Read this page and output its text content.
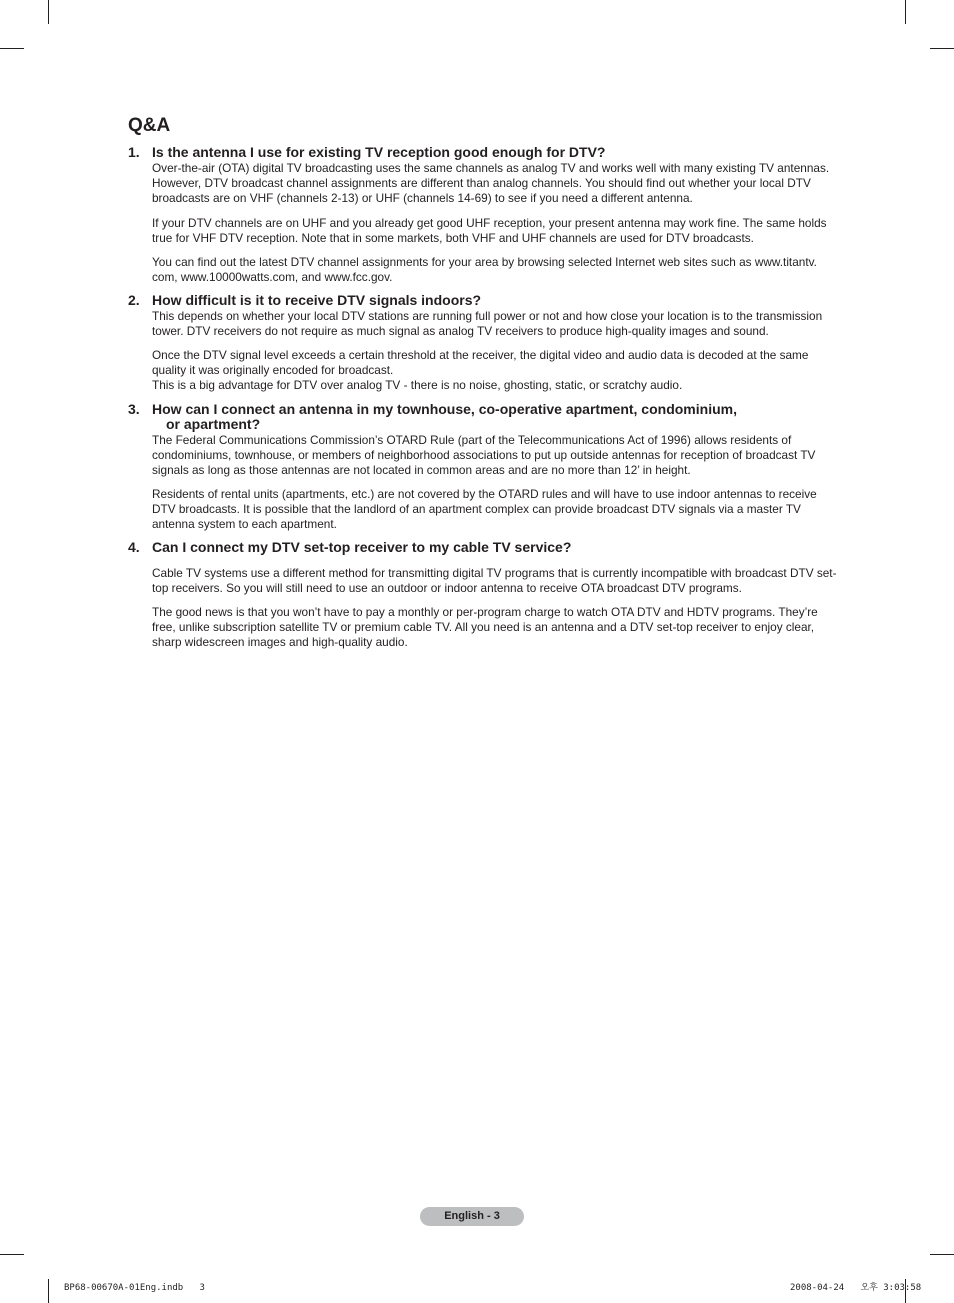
Q&A
1. Is the antenna I use for existing TV reception good enough for DTV?
Over-the-air (OTA) digital TV broadcasting uses the same channels as analog TV and works well with many existing TV antennas.
However, DTV broadcast channel assignments are different than analog channels. You should find out whether your local DTV
broadcasts are on VHF (channels 2-13) or UHF (channels 14-69) to see if you need a different antenna.
If your DTV channels are on UHF and you already get good UHF reception, your present antenna may work fine. The same holds
true for VHF DTV reception. Note that in some markets, both VHF and UHF channels are used for DTV broadcasts.
You can find out the latest DTV channel assignments for your area by browsing selected Internet web sites such as www.titantv.
com, www.10000watts.com, and www.fcc.gov.
2. How difficult is it to receive DTV signals indoors?
This depends on whether your local DTV stations are running full power or not and how close your location is to the transmission
tower. DTV receivers do not require as much signal as analog TV receivers to produce high-quality images and sound.
Once the DTV signal level exceeds a certain threshold at the receiver, the digital video and audio data is decoded at the same
quality it was originally encoded for broadcast.
This is a big advantage for DTV over analog TV - there is no noise, ghosting, static, or scratchy audio.
3. How can I connect an antenna in my townhouse, co-operative apartment, condominium,
or apartment?
The Federal Communications Commission’s OTARD Rule (part of the Telecommunications Act of 1996) allows residents of
condominiums, townhouse, or members of neighborhood associations to put up outside antennas for reception of broadcast TV
signals as long as those antennas are not located in common areas and are no more than 12’ in height.
Residents of rental units (apartments, etc.) are not covered by the OTARD rules and will have to use indoor antennas to receive
DTV broadcasts. It is possible that the landlord of an apartment complex can provide broadcast DTV signals via a master TV
antenna system to each apartment.
4. Can I connect my DTV set-top receiver to my cable TV service?
Cable TV systems use a different method for transmitting digital TV programs that is currently incompatible with broadcast DTV set-
top receivers. So you will still need to use an outdoor or indoor antenna to receive OTA broadcast DTV programs.
The good news is that you won’t have to pay a monthly or per-program charge to watch OTA DTV and HDTV programs. They’re
free, unlike subscription satellite TV or premium cable TV. All you need is an antenna and a DTV set-top receiver to enjoy clear,
sharp widescreen images and high-quality audio.
English - 3
BP68-00670A-01Eng.indb   3	2008-04-24   오후 3:03:58
